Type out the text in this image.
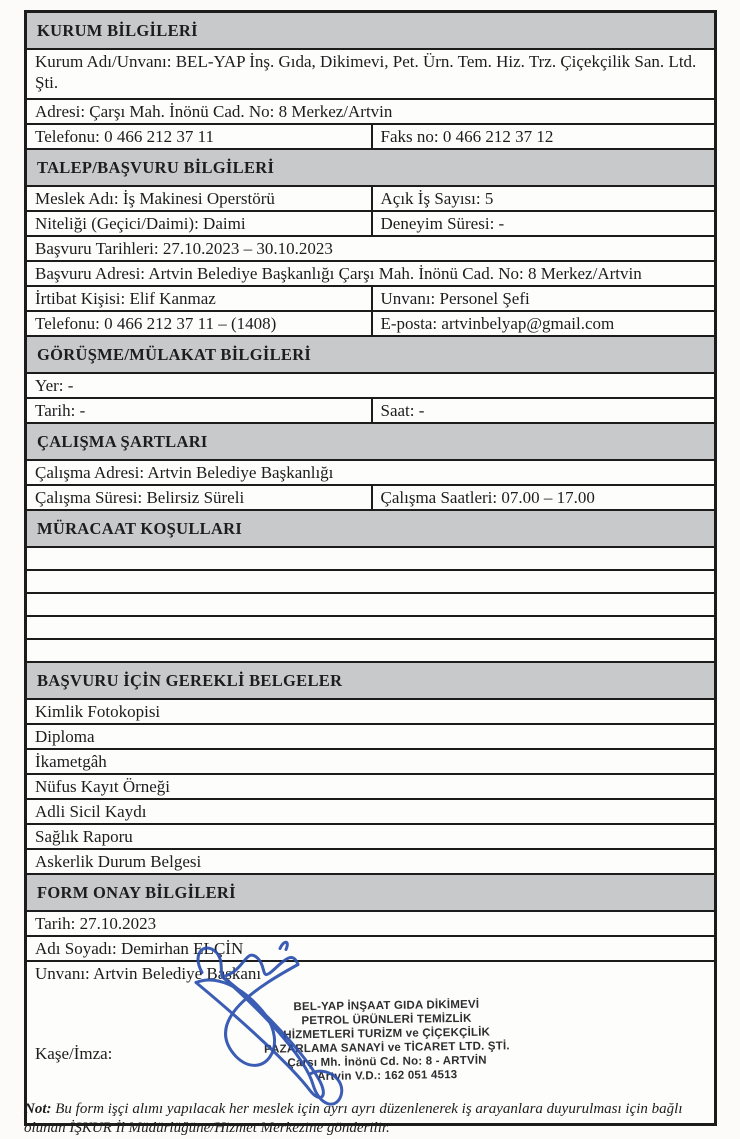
KURUM BİLGİLERİ
Kurum Adı/Unvanı: BEL-YAP İnş. Gıda, Dikimevi, Pet. Ürn. Tem. Hiz. Trz. Çiçekçilik San. Ltd. Şti.
Adresi: Çarşı Mah. İnönü Cad. No: 8 Merkez/Artvin
Telefonu: 0 466 212 37 11	Faks no: 0 466 212 37 12
TALEP/BAŞVURU BİLGİLERİ
Meslek Adı: İş Makinesi Operstörü	Açık İş Sayısı: 5
Niteliği (Geçici/Daimi): Daimi	Deneyim Süresi: -
Başvuru Tarihleri: 27.10.2023 – 30.10.2023
Başvuru Adresi: Artvin Belediye Başkanlığı Çarşı Mah. İnönü Cad. No: 8 Merkez/Artvin
İrtibat Kişisi: Elif Kanmaz	Unvanı: Personel Şefi
Telefonu: 0 466 212 37 11 – (1408)	E-posta: artvinbelyap@gmail.com
GÖRÜŞME/MÜLAKAT BİLGİLERİ
Yer: -
Tarih: -	Saat: -
ÇALIŞMA ŞARTLARI
Çalışma Adresi: Artvin Belediye Başkanlığı
Çalışma Süresi: Belirsiz Süreli	Çalışma Saatleri: 07.00 – 17.00
MÜRACAAT KOŞULLARI
BAŞVURU İÇİN GEREKLİ BELGELER
Kimlik Fotokopisi
Diploma
İkametgâh
Nüfus Kayıt Örneği
Adli Sicil Kaydı
Sağlık Raporu
Askerlik Durum Belgesi
FORM ONAY BİLGİLERİ
Tarih: 27.10.2023
Adı Soyadı: Demirhan ELÇİN
Unvanı: Artvin Belediye Başkanı
Kaşe/İmza:
BEL-YAP İNŞAAT GIDA DİKİMEVİ
PETROL ÜRÜNLERİ TEMİZLİK
HİZMETLERİ TURİZM ve ÇİÇEKÇİLİK
PAZARLAMA SANAYİ ve TİCARET LTD. ŞTİ.
Çarşı Mh. İnönü Cd. No: 8 - ARTVİN
Artvin V.D.: 162 051 4513
Not: Bu form işçi alımı yapılacak her meslek için ayrı ayrı düzenlenerek iş arayanlara duyurulması için bağlı olunan İŞKUR İl Müdürlüğüne/Hizmet Merkezine gönderilir.
